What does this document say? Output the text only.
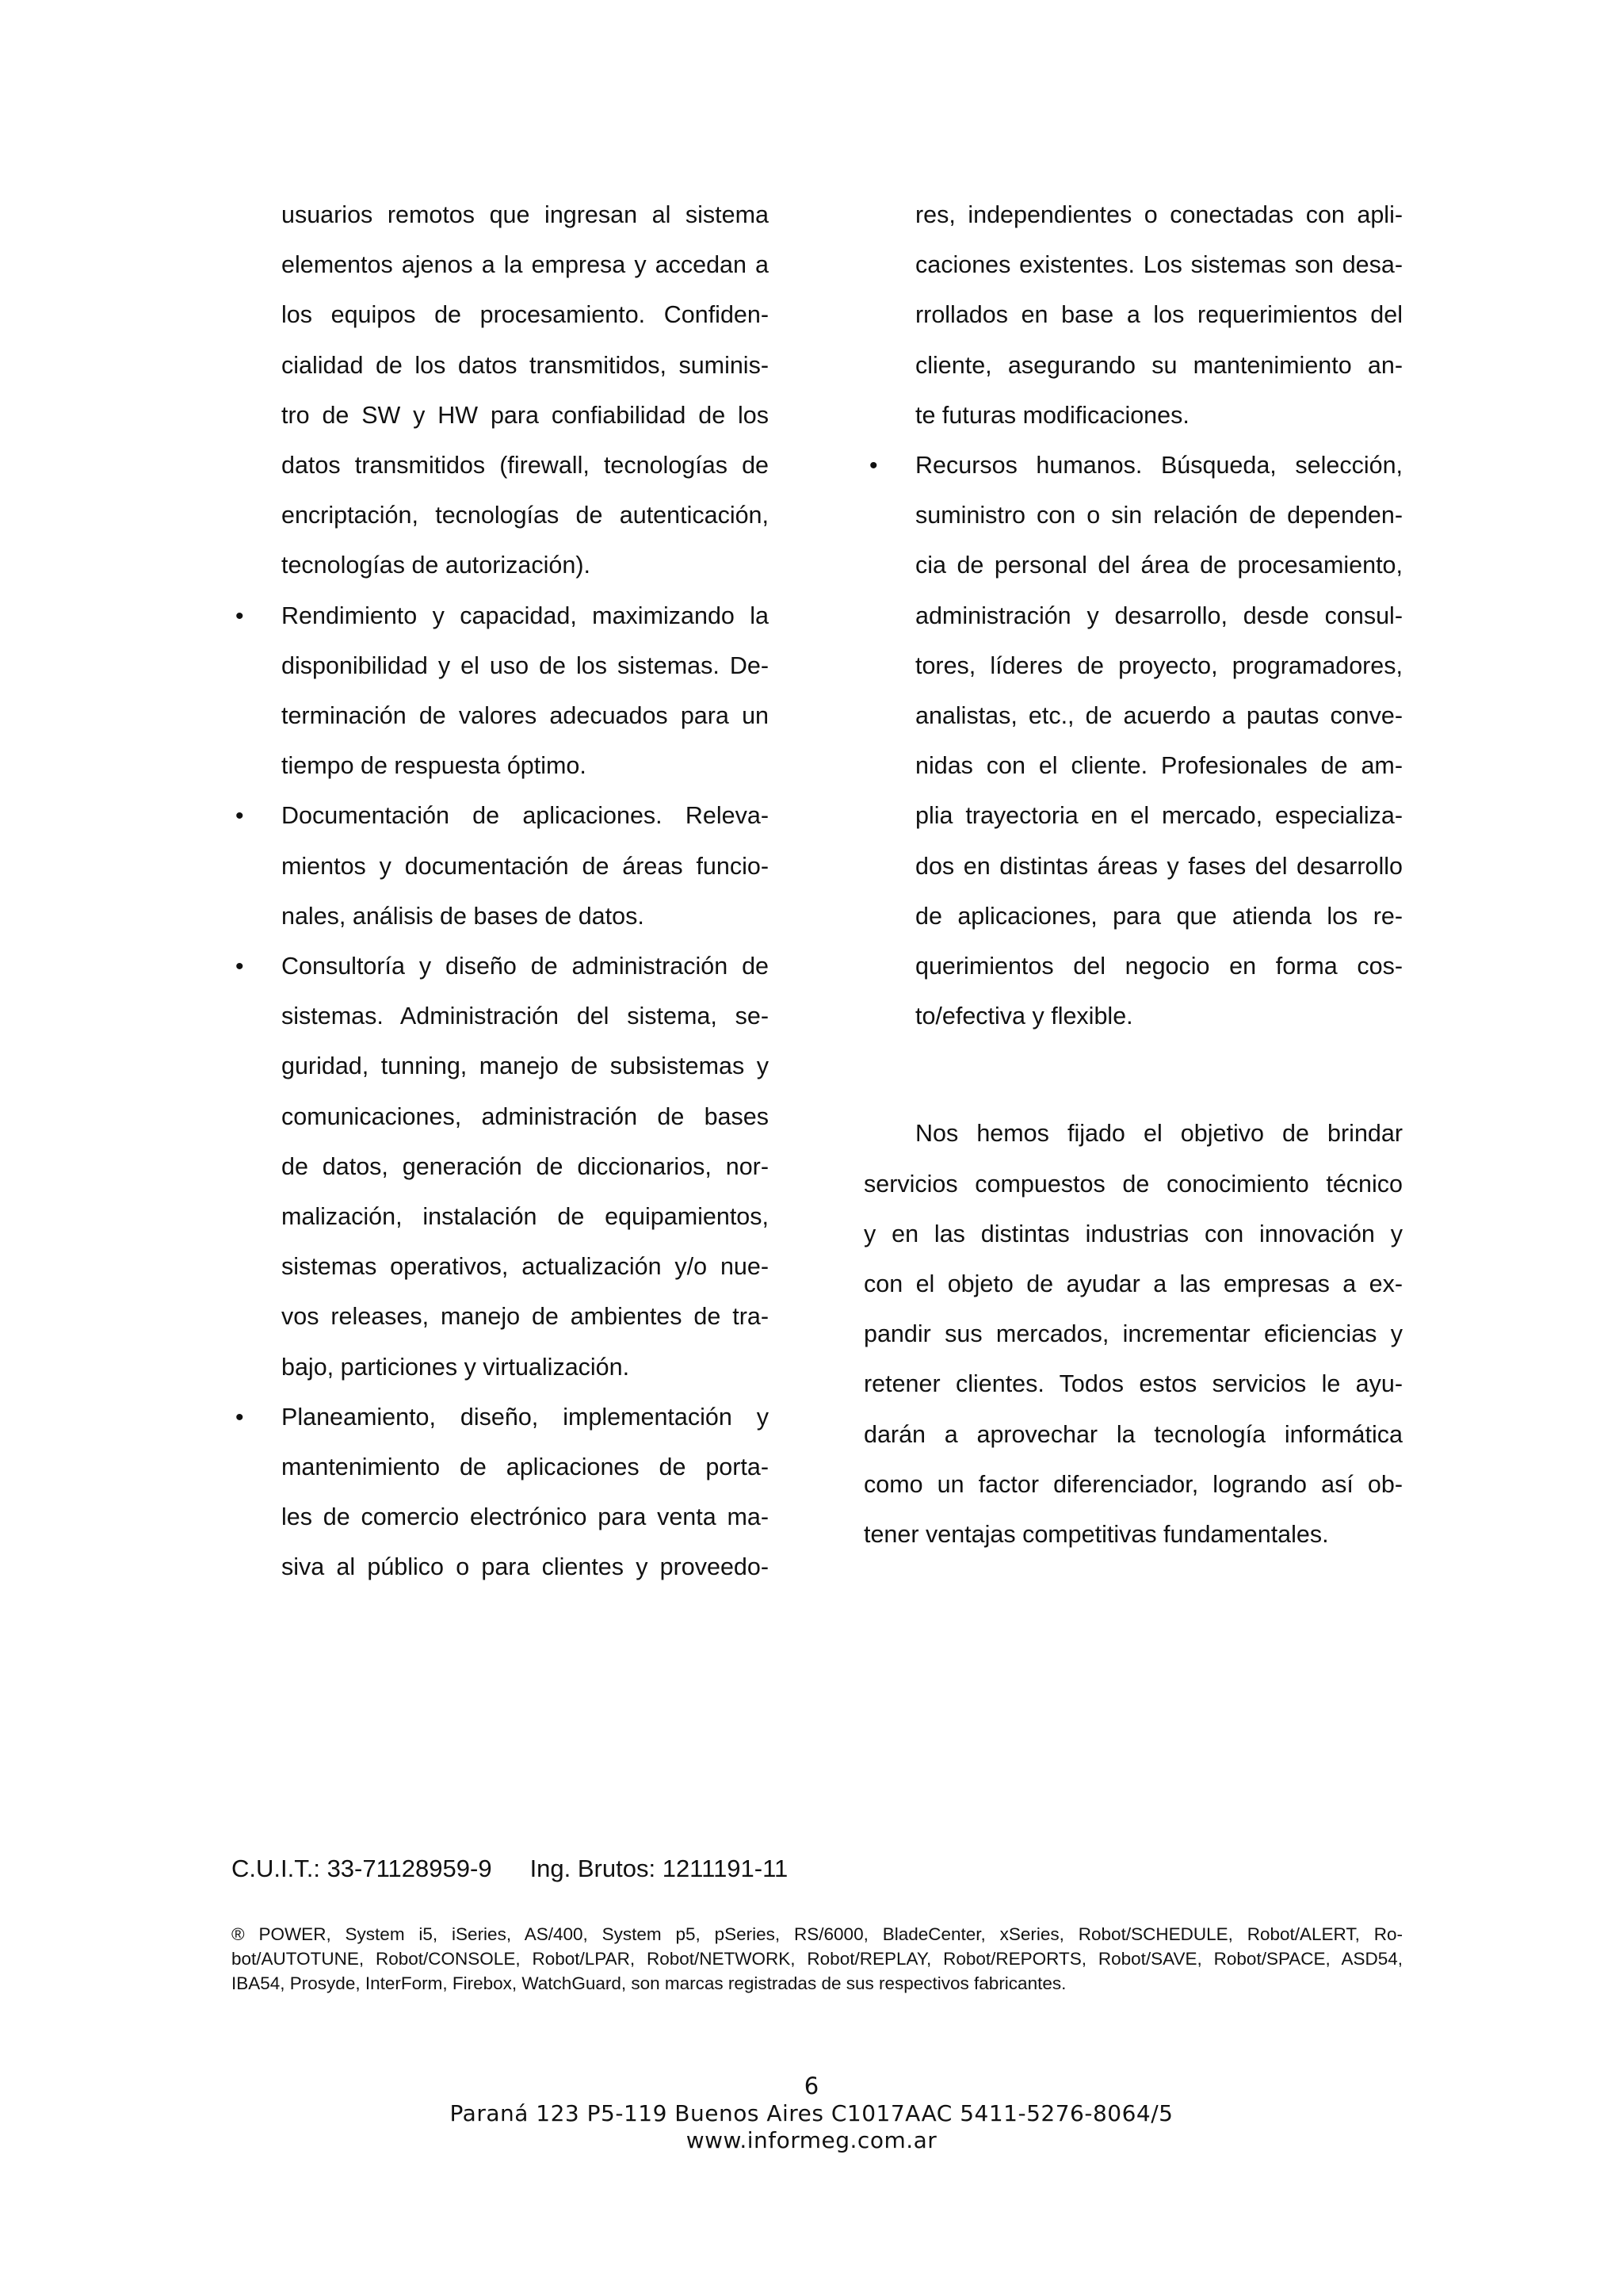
usuarios remotos que ingresan al sistema
elementos ajenos a la empresa y accedan a
los equipos de procesamiento. Confiden-
cialidad de los datos transmitidos, suminis-
tro de SW y HW para confiabilidad de los
datos transmitidos (firewall, tecnologías de
encriptación, tecnologías de autenticación,
tecnologías de autorización).
• Rendimiento y capacidad, maximizando la
disponibilidad y el uso de los sistemas. De-
terminación de valores adecuados para un
tiempo de respuesta óptimo.
• Documentación de aplicaciones. Releva-
mientos y documentación de áreas funcio-
nales, análisis de bases de datos.
• Consultoría y diseño de administración de
sistemas. Administración del sistema, se-
guridad, tunning, manejo de subsistemas y
comunicaciones, administración de bases
de datos, generación de diccionarios, nor-
malización, instalación de equipamientos,
sistemas operativos, actualización y/o nue-
vos releases, manejo de ambientes de tra-
bajo, particiones y virtualización.
• Planeamiento, diseño, implementación y
mantenimiento de aplicaciones de porta-
les de comercio electrónico para venta ma-
siva al público o para clientes y proveedo-
res, independientes o conectadas con apli-
caciones existentes. Los sistemas son desa-
rrollados en base a los requerimientos del
cliente, asegurando su mantenimiento an-
te futuras modificaciones.
• Recursos humanos. Búsqueda, selección,
suministro con o sin relación de dependen-
cia de personal del área de procesamiento,
administración y desarrollo, desde consul-
tores, líderes de proyecto, programadores,
analistas, etc., de acuerdo a pautas conve-
nidas con el cliente. Profesionales de am-
plia trayectoria en el mercado, especializa-
dos en distintas áreas y fases del desarrollo
de aplicaciones, para que atienda los re-
querimientos del negocio en forma cos-
to/efectiva y flexible.
Nos hemos fijado el objetivo de brindar
servicios compuestos de conocimiento técnico
y en las distintas industrias con innovación y
con el objeto de ayudar a las empresas a ex-
pandir sus mercados, incrementar eficiencias y
retener clientes. Todos estos servicios le ayu-
darán a aprovechar la tecnología informática
como un factor diferenciador, logrando así ob-
tener ventajas competitivas fundamentales.
C.U.I.T.: 33-71128959-9 Ing. Brutos: 1211191-11
® POWER, System i5, iSeries, AS/400, System p5, pSeries, RS/6000, BladeCenter, xSeries, Robot/SCHEDULE, Robot/ALERT, Ro-
bot/AUTOTUNE, Robot/CONSOLE, Robot/LPAR, Robot/NETWORK, Robot/REPLAY, Robot/REPORTS, Robot/SAVE, Robot/SPACE, ASD54,
IBA54, Prosyde, InterForm, Firebox, WatchGuard, son marcas registradas de sus respectivos fabricantes.
6
Paraná 123 P5-119 Buenos Aires C1017AAC 5411-5276-8064/5
www.informeg.com.ar
